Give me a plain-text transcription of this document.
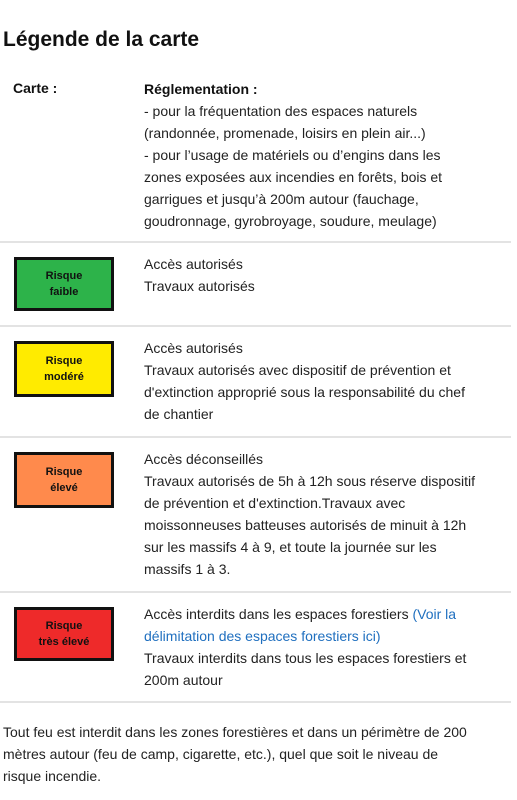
Légende de la carte
Carte :	Réglementation :
- pour la fréquentation des espaces naturels
(randonnée, promenade, loisirs en plein air...)
- pour l’usage de matériels ou d’engins dans les
zones exposées aux incendies en forêts, bois et
garrigues et jusqu’à 200m autour (fauchage,
goudronnage, gyrobroyage, soudure, meulage)
Risque
faible
Accès autorisés
Travaux autorisés
Risque
modéré
Accès autorisés
Travaux autorisés avec dispositif de prévention et
d'extinction approprié sous la responsabilité du chef
de chantier
Risque
élevé
Accès déconseillés
Travaux autorisés de 5h à 12h sous réserve dispositif
de prévention et d'extinction.Travaux avec
moissonneuses batteuses autorisés de minuit à 12h
sur les massifs 4 à 9, et toute la journée sur les
massifs 1 à 3.
Risque
très élevé
Accès interdits dans les espaces forestiers (Voir la
délimitation des espaces forestiers ici)
Travaux interdits dans tous les espaces forestiers et
200m autour
Tout feu est interdit dans les zones forestières et dans un périmètre de 200
mètres autour (feu de camp, cigarette, etc.), quel que soit le niveau de
risque incendie.
